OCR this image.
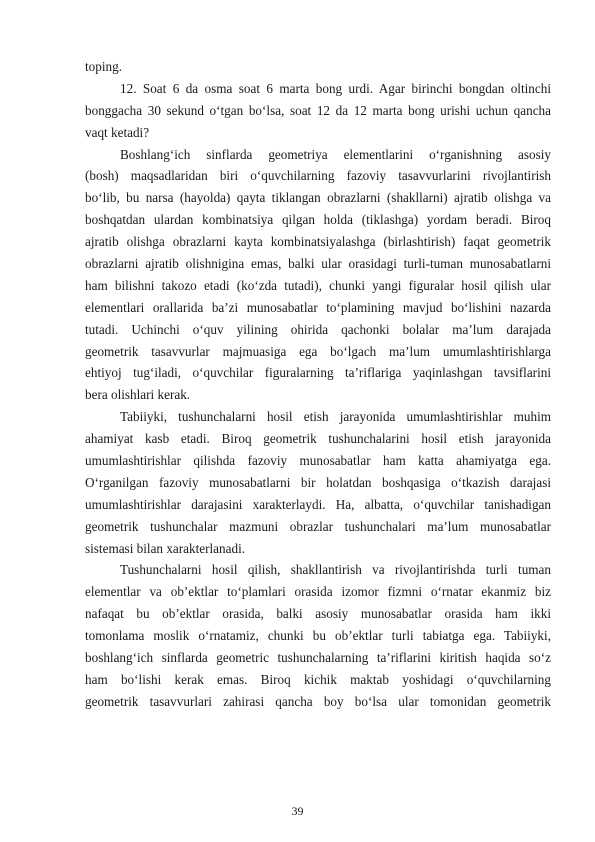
toping.
12. Soat 6 da osma soat 6 marta bong urdi. Agar birinchi bongdan oltinchi
bonggacha 30 sekund o‘tgan bo‘lsa, soat 12 da 12 marta bong urishi uchun qancha
vaqt ketadi?
Boshlang‘ich sinflarda geometriya elementlarini o‘rganishning asosiy
(bosh) maqsadlaridan biri o‘quvchilarning fazoviy tasavvurlarini rivojlantirish
bo‘lib, bu narsa (hayolda) qayta tiklangan obrazlarni (shakllarni) ajratib olishga va
boshqatdan ulardan kombinatsiya qilgan holda (tiklashga) yordam beradi. Biroq
ajratib olishga obrazlarni kayta kombinatsiyalashga (birlashtirish) faqat geometrik
obrazlarni ajratib olishnigina emas, balki ular orasidagi turli-tuman munosabatlarni
ham bilishni takozo etadi (ko‘zda tutadi), chunki yangi figuralar hosil qilish ular
elementlari orallarida ba’zi munosabatlar to‘plamining mavjud bo‘lishini nazarda
tutadi. Uchinchi o‘quv yilining ohirida qachonki bolalar ma’lum darajada
geometrik tasavvurlar majmuasiga ega bo‘lgach ma’lum umumlashtirishlarga
ehtiyoj tug‘iladi, o‘quvchilar figuralarning ta’riflariga yaqinlashgan tavsiflarini
bera olishlari kerak.
Tabiiyki, tushunchalarni hosil etish jarayonida umumlashtirishlar muhim
ahamiyat kasb etadi. Biroq geometrik tushunchalarini hosil etish jarayonida
umumlashtirishlar qilishda fazoviy munosabatlar ham katta ahamiyatga ega.
O‘rganilgan fazoviy munosabatlarni bir holatdan boshqasiga o‘tkazish darajasi
umumlashtirishlar darajasini xarakterlaydi. Ha, albatta, o‘quvchilar tanishadigan
geometrik tushunchalar mazmuni obrazlar tushunchalari ma’lum munosabatlar
sistemasi bilan xarakterlanadi.
Tushunchalarni hosil qilish, shakllantirish va rivojlantirishda turli tuman
elementlar va ob’ektlar to‘plamlari orasida izomor fizmni o‘rnatar ekanmiz biz
nafaqat bu ob’ektlar orasida, balki asosiy munosabatlar orasida ham ikki
tomonlama moslik o‘rnatamiz, chunki bu ob’ektlar turli tabiatga ega. Tabiiyki,
boshlang‘ich sinflarda geometric tushunchalarning ta’riflarini kiritish haqida so‘z
ham bo‘lishi kerak emas. Biroq kichik maktab yoshidagi o‘quvchilarning
geometrik tasavvurlari zahirasi qancha boy bo‘lsa ular tomonidan geometrik
39
